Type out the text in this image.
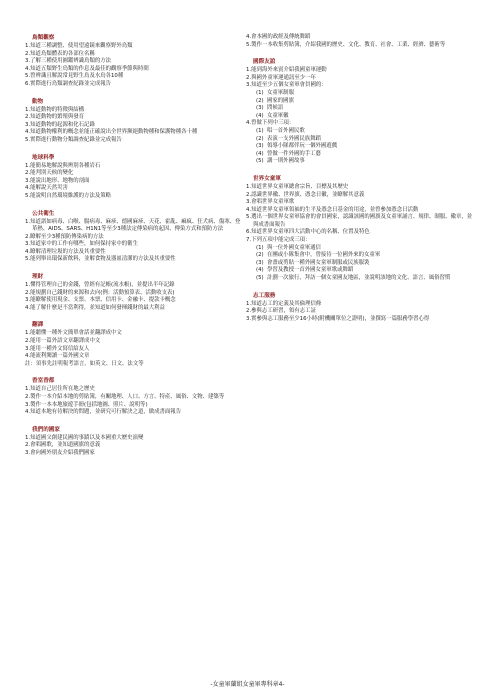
鳥類觀察
1.知道三種調整、使用望遠鏡來觀察野外鳥類
2.知道鳥類體表的各部位名稱
3.了解三種使用圖鑑辨識鳥類的方法
4.知道五類野生鳥類的作息及最佳的觀察季節與時間
5.曾辨識且解說常見野生鳥及水鳥各10種
6.實際進行鳥類調查紀錄並完成報告
動物
1.知道動物的特徵與結構
2.知道動物的繁殖與發育
3.知道動物的起源和化石記錄
4.知道動物權利的概念並能正確說出全世界瀕絕動物種和保護物種各十種
5.實際進行動物分類調查紀錄並完成報告
地球科學
1.能簡易地解說與辨別各種岩石
2.能判別天候的變化
3.能說出地形、地物的剖面
4.能解說天然災害
5.能說明自然環境維護的方法及策略
公共衛生
1.知道諾如病毒、白喉、腸病毒、麻疹、德國麻疹、天花、霍亂、痲疯、狂犬病、傷寒、登革熱、AIDS、SARS、H1N1等至少3種法定傳染病的起因、傳染方式和預防方法
2.瞭解至少3種預防傳染病的方法
3.知道家中的工作有哪些，如何保持家中的衛生
4.瞭解清理垃圾的方法及其重要性
5.能列舉出環保新飲料，並解食物及器皿清潔的方法及其重要性
理財
1.懂得管理自己的金錢，曾經有記帳(流水帳)，並提出半年記錄
2.能規劃自己錢財的來源和去向(例：活動預算表、活動收支表)
3.能瞭解使用現金、支票、本票、信用卡、金融卡、提款卡概念
4.能了解什麼是不當利得，並知道如何發揮錢財的最大利益
翻譯
1.能聽懂一種外文簡單會話並翻譯成中文
2.能用一篇外語文章翻譯成中文
3.能用一種外文寫信給友人
4.能流利閱讀一篇外國文章
註：須事先註明報考語言，如英文、日文、法文等
香室香都
1.知道自己居住所在地之歷史
2.製作一本介紹本地的剪貼簿，有關地理、人口、方言、特產、風俗、文物、建築等
3.製作一本本地旅遊手冊(包括地圖、照片、說明等)
4.知道本地有待解決的問題，並研究可行解決之道，做成書面報告
我們的國家
1.知道國父創建民國的事蹟以及本國重大歷史演變
2.會唱國歌，並知道國旗的意義
3.會向國外朋友介紹我們國家
4.會本國的政經及傳統舞蹈
5.製作一本收集剪貼簿，介紹我國的歷史、文化、教育、社會、工業、經濟、藝術等
國際友誼
1.能到海外來賓介紹我國童軍運動
2.與國外童軍運通訊至少一年
3.知道至少五個女童軍會員國的：
(1) 女童軍制服
(2) 國家的國旗
(3) 問候語
(4) 女童軍徽
4.曾做下列中三項：
(1) 唱一首外國民歌
(2) 表演一支外國民族舞蹈
(3) 領導小隊都伴玩一個外國遊戲
(4) 曾做一件外國的手工藝
(5) 講一則外國故事
世界女童軍
1.知道世界女童軍總會宗旨、目標及其歷史
2.認識世界徽、世界旗、憑念日徽，並瞭解其意義
3.會唱世界女童軍歌
4.知道世界女童軍領袖的生平及憑念日基金的用途，並曾參加憑念日活動
5.選出一個世界女童軍協會的會員國家，認識該國的國旗及女童軍誦言、規律、制服、徽章，並與成書面報告
6.知道世界女童軍四大活動中心的名稱、位置及特色
7.下列五項中能完成三項：
(1) 與一位外國女童軍通信
(2) 在團或小隊集會中，曾接待一位國外來的女童軍
(3) 會畫或剪貼一種外國女童軍制服或民族服裝
(4) 學習及教授一首外國女童軍歌或舞蹈
(5) 計劃一次旅行，拜訪一個女童國友地區，並說明該地的文化、語言、風俗習慣
志工服務
1.知道志工的定義及其倫理信條
2.參與志工研習，領有志工証
3.實參與志工服務至少16小時(附機關單位之證明)，並撰寫一篇服務學習心得
-女童軍蘭組女童軍專科章4-
